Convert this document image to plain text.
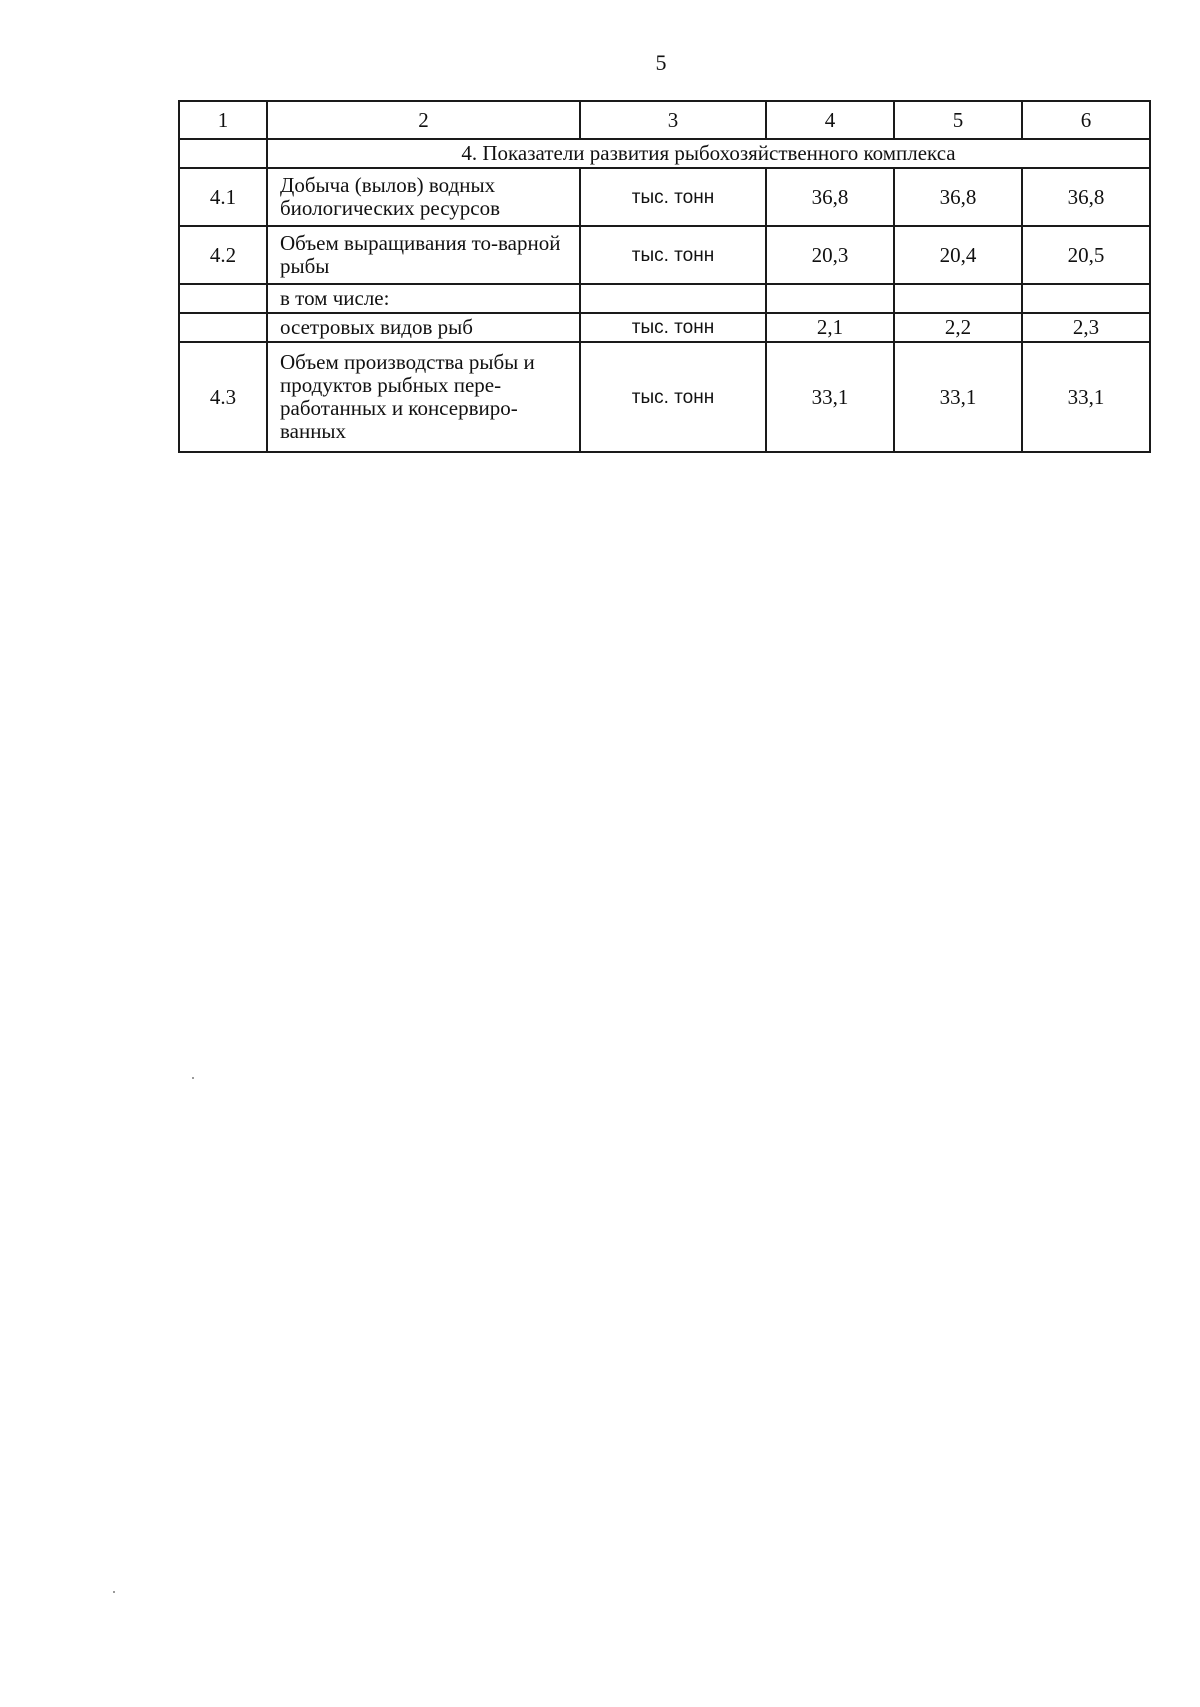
5
1	2	3	4	5	6
	4. Показатели развития рыбохозяйственного комплекса				
4.1	Добыча (вылов) водных биологических ресурсов	тыс. тонн	36,8	36,8	36,8
4.2	Объем выращивания то-варной рыбы	тыс. тонн	20,3	20,4	20,5
	в том числе:				
	осетровых видов рыб	тыс. тонн	2,1	2,2	2,3
4.3	Объем производства рыбы и продуктов рыбных пере-работанных и консервиро-ванных	тыс. тонн	33,1	33,1	33,1
